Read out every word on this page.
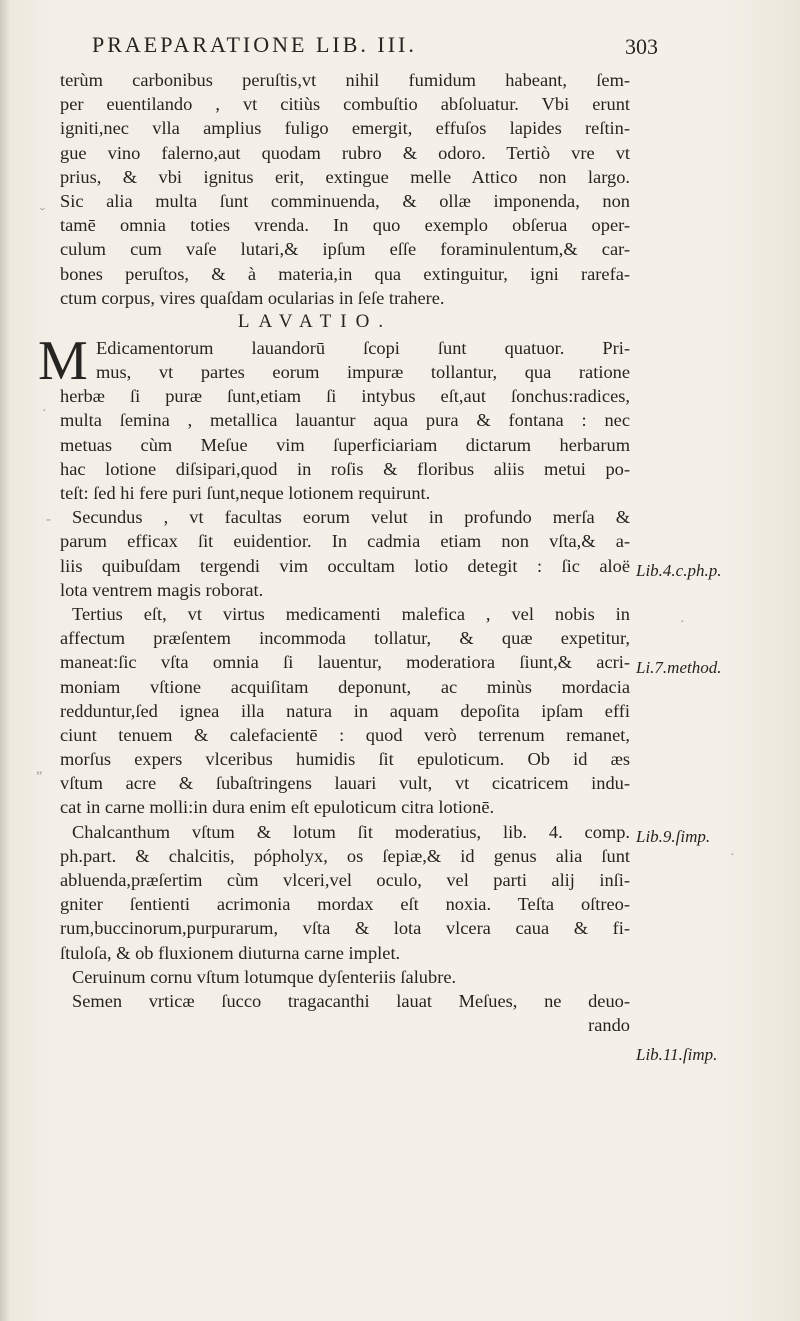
PRAEPARATIONE LIB. III.	303
terùm carbonibus peruſtis,vt nihil fumidum habeant, ſem-
per euentilando , vt citiùs combuſtio abſoluatur. Vbi erunt
igniti,nec vlla amplius fuligo emergit, effuſos lapides reſtin-
gue vino falerno,aut quodam rubro & odoro. Tertiò vre vt
prius, & vbi ignitus erit, extingue melle Attico non largo.
Sic alia multa ſunt comminuenda, & ollæ imponenda, non
tamē omnia toties vrenda. In quo exemplo obſerua oper-
culum cum vaſe lutari,& ipſum eſſe foraminulentum,& car-
bones peruſtos, & à materia,in qua extinguitur, igni rarefa-
ctum corpus, vires quaſdam ocularias in ſeſe trahere.
LAVATIO.
M Edicamentorum lauandorū ſcopi ſunt quatuor. Pri-
mus, vt partes eorum impuræ tollantur, qua ratione
herbæ ſi puræ ſunt,etiam ſi intybus eſt,aut ſonchus:radices,
multa ſemina , metallica lauantur aqua pura & fontana : nec
metuas cùm Meſue vim ſuperficiariam dictarum herbarum
hac lotione diſsipari,quod in roſis & floribus aliis metui po-
teſt: ſed hi fere puri ſunt,neque lotionem requirunt.
Secundus , vt facultas eorum velut in profundo merſa &
parum efficax ſit euidentior. In cadmia etiam non vſta,& a-
liis quibuſdam tergendi vim occultam lotio detegit : ſic aloë
lota ventrem magis roborat.
Tertius eſt, vt virtus medicamenti malefica , vel nobis in
affectum præſentem incommoda tollatur, & quæ expetitur,
maneat:ſic vſta omnia ſi lauentur, moderatiora ſiunt,& acri-
moniam vſtione acquiſitam deponunt, ac minùs mordacia
redduntur,ſed ignea illa natura in aquam depoſita ipſam effi
ciunt tenuem & calefacientē : quod verò terrenum remanet,
morſus expers vlceribus humidis ſit epuloticum. Ob id æs
vſtum acre & ſubaſtringens lauari vult, vt cicatricem indu-
cat in carne molli:in dura enim eſt epuloticum citra lotionē.
Chalcanthum vſtum & lotum ſit moderatius, lib. 4. comp.
ph.part. & chalcitis, pópholyx, os ſepiæ,& id genus alia ſunt
abluenda,præſertim cùm vlceri,vel oculo, vel parti alij inſi-
gniter ſentienti acrimonia mordax eſt noxia. Teſta oſtreo-
rum,buccinorum,purpurarum, vſta & lota vlcera caua & fi-
ſtuloſa, & ob fluxionem diuturna carne implet.
Ceruinum cornu vſtum lotumque dyſenteriis ſalubre.
Semen vrticæ ſucco tragacanthi lauat Meſues, ne deuo-
rando
Lib.4.c.ph.p.
Li.7.method.
Lib.9.ſimp.
Lib.11.ſimp.
ˬ
·
-
„
·
·
